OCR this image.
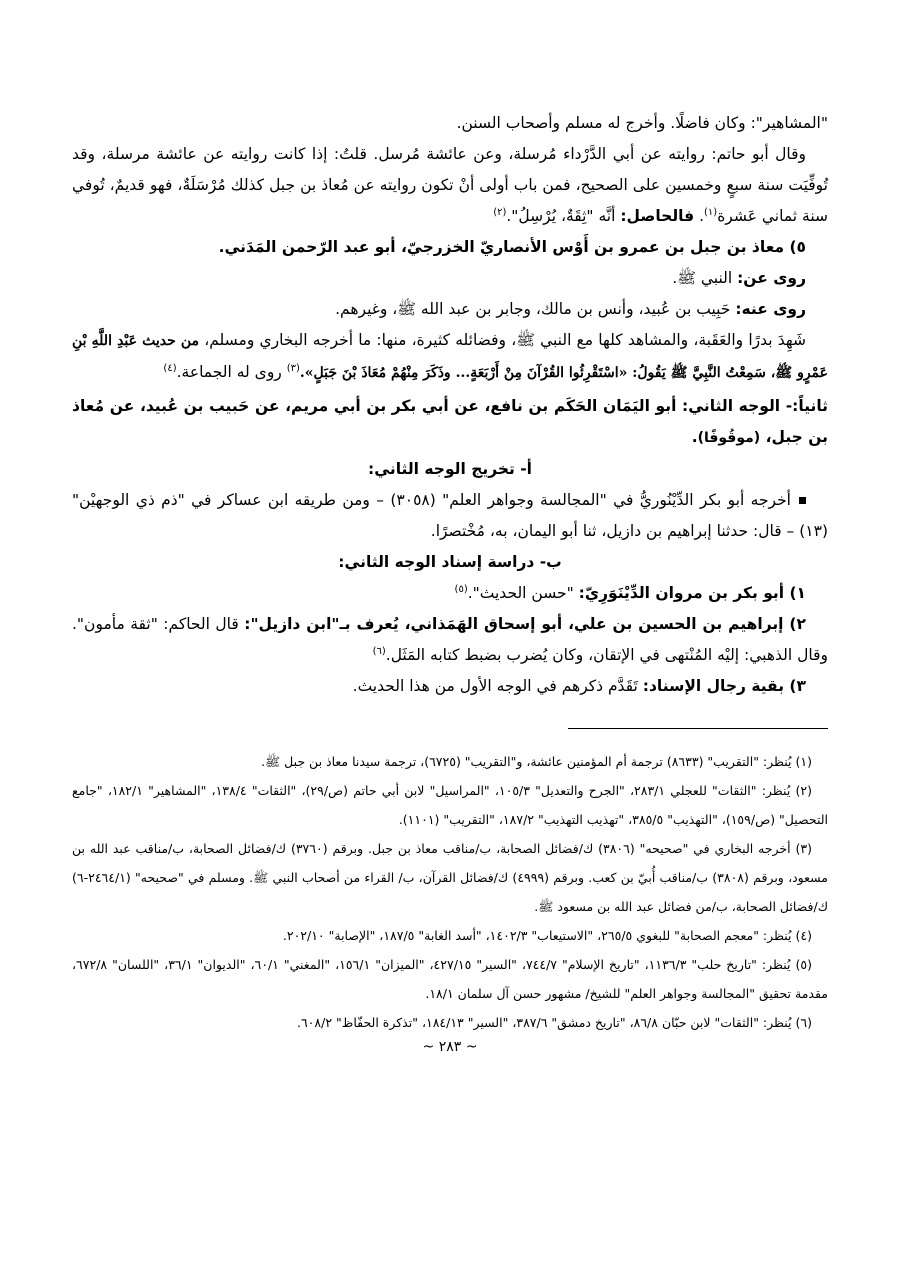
"المشاهير": وكان فاضلًا. وأخرج له مسلم وأصحاب السنن.

وقال أبو حاتم: روايته عن أبي الدَّرْداء مُرسلة، وعن عائشة مُرسل. قلتُ: إذا كانت روايته عن عائشة مرسلة، وقد تُوفِّيَت سنة سبعٍ وخمسين على الصحيح، فمن باب أولى أنْ تكون روايته عن مُعاذ بن جبل كذلك مُرْسَلَةٌ، فهو قديمٌ، تُوفي سنة ثماني عَشرة$^{(١)}$. فالحاصل: أنَّه "ثِقَةٌ، يُرْسِلُ".$^{(٢)}$

٥) معاذ بن جبل بن عمرو بن أَوْس الأنصاريّ الخزرجيّ، أبو عبد الرّحمن المَدَني.

روى عن: النبي ﷺ.

روى عنه: حَبِيب بن عُبيد، وأنس بن مالك، وجابر بن عبد الله ﷺ، وغيرهم.

شَهِدَ بدرًا والعَقَبة، والمشاهد كلها مع النبي ﷺ، وفضائله كثيرة، منها: ما أخرجه البخاري ومسلم، من حديث عَبْدِ اللَّهِ بْنِ عَمْرٍو ﷺ، سَمِعْتُ النَّبِيَّ ﷺ يَقُولُ: «اسْتَقْرِئُوا القُرْآنَ مِنْ أَرْبَعَةٍ... وذَكَرَ مِنْهُمْ مُعَاذَ بْنَ جَبَلٍ».$^{(٣)}$ روى له الجماعة.$^{(٤)}$

ثانياً:- الوجه الثاني: أبو اليَمَان الحَكَم بن نافع، عن أبي بكر بن أبي مريم، عن حَبيب بن عُبيد، عن مُعاذ بن جبل، (موقُوفًا).

أ- تخريج الوجه الثاني:

أخرجه أبو بكر الدِّيْنُوريُّ في "المجالسة وجواهر العلم" (٣٠٥٨) – ومن طريقه ابن عساكر في "ذم ذي الوجهيْن" (١٣) – قال: حدثنا إبراهيم بن دازيل، ثنا أبو اليمان، به، مُخْتصرًا.

ب- دراسة إسناد الوجه الثاني:

١) أبو بكر بن مروان الدِّيْنَوَرِيّ: "حسن الحديث".$^{(٥)}$

٢) إبراهيم بن الحسين بن علي، أبو إسحاق الهَمَذاني، يُعرف بـ"ابن دازيل": قال الحاكم: "ثقة مأمون". وقال الذهبي: إليْه المُنْتهى في الإتقان، وكان يُضرب بضبط كتابه المَثَل.$^{(٦)}$

٣) بقية رجال الإسناد: تَقَدَّم ذكرهم في الوجه الأول من هذا الحديث.

(١) يُنظر: "التقريب" (٨٦٣٣) ترجمة أم المؤمنين عائشة، و"التقريب" (٦٧٢٥)، ترجمة سيدنا معاذ بن جبل ﷺ.

(٢) يُنظر: "الثقات" للعجلي ٢٨٣/١، "الجرح والتعديل" ١٠٥/٣، "المراسيل" لابن أبي حاتم (ص/٢٩)، "الثقات" ١٣٨/٤، "المشاهير" ١٨٢/١، "جامع التحصيل" (ص/١٥٩)، "التهذيب" ٣٨٥/٥، "تهذيب التهذيب" ١٨٧/٢، "التقريب" (١١٠١).

(٣) أخرجه البخاري في "صحيحه" (٣٨٠٦) ك/فضائل الصحابة، ب/مناقب معاذ بن جبل. وبرقم (٣٧٦٠) ك/فضائل الصحابة، ب/مناقب عبد الله بن مسعود، وبرقم (٣٨٠٨) ب/مناقب أُبيّ بن كعب. وبرقم (٤٩٩٩) ك/فضائل القرآن، ب/ القراء من أصحاب النبي ﷺ. ومسلم في "صحيحه" (٢٤٦٤/١-٦) ك/فضائل الصحابة، ب/من فضائل عبد الله بن مسعود ﷺ.

(٤) يُنظر: "معجم الصحابة" للبغوي ٢٦٥/٥، "الاستيعاب" ١٤٠٢/٣، "أسد الغابة" ١٨٧/٥، "الإصابة" ٢٠٢/١٠.

(٥) يُنظر: "تاريخ حلب" ١١٣٦/٣، "تاريخ الإسلام" ٧٤٤/٧، "السير" ٤٢٧/١٥، "الميزان" ١٥٦/١، "المغني" ٦٠/١، "الديوان" ٣٦/١، "اللسان" ٦٧٢/٨، مقدمة تحقيق "المجالسة وجواهر العلم" للشيخ/ مشهور حسن آل سلمان ١٨/١.

(٦) يُنظر: "الثقات" لابن حبّان ٨٦/٨، "تاريخ دمشق" ٣٨٧/٦، "السير" ١٨٤/١٣، "تذكرة الحفّاظ" ٦٠٨/٢.

~ ٢٨٣ ~
